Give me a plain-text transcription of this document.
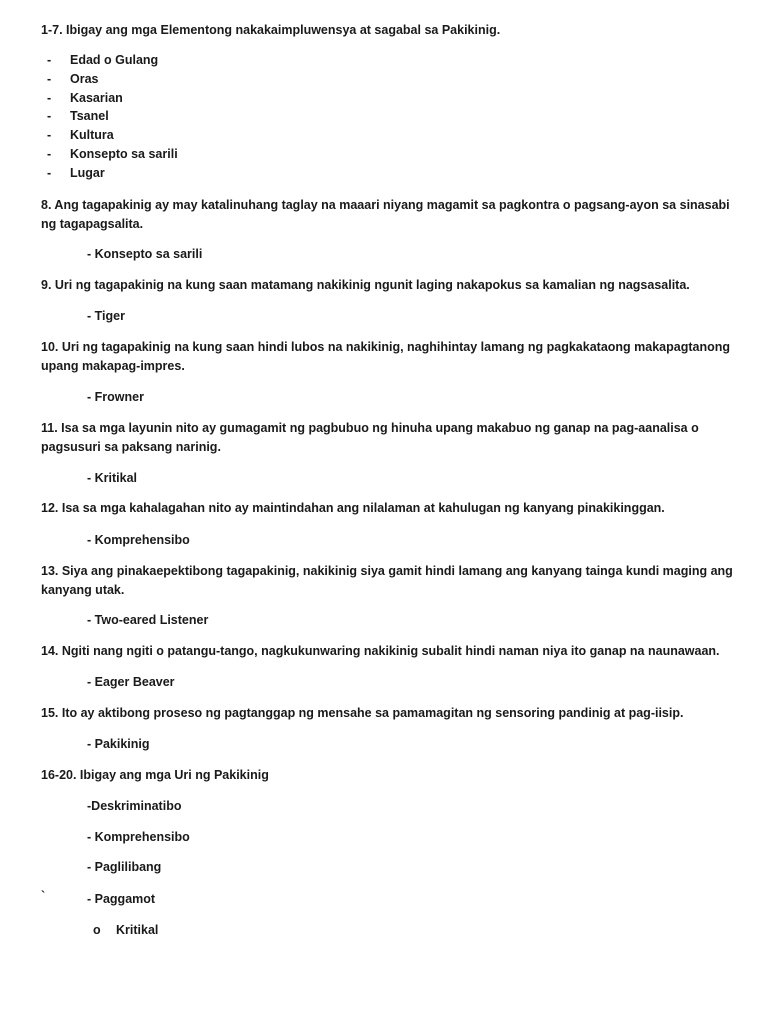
1-7. Ibigay ang mga Elementong nakakaimpluwensya at sagabal sa Pakikinig.
- Edad o Gulang
- Oras
- Kasarian
- Tsanel
- Kultura
- Konsepto sa sarili
- Lugar
8. Ang tagapakinig ay may katalinuhang taglay na maaari niyang magamit sa pagkontra o pagsang-ayon sa sinasabi ng tagapagsalita.
- Konsepto sa sarili
9. Uri ng tagapakinig na kung saan matamang nakikinig ngunit laging nakapokus sa kamalian ng nagsasalita.
- Tiger
10. Uri ng tagapakinig na kung saan hindi lubos na nakikinig, naghihintay lamang ng pagkakataong makapagtanong upang makapag-impres.
- Frowner
11. Isa sa mga layunin nito ay gumagamit ng pagbubuo ng hinuha upang makabuo ng ganap na pag-aanalisa o pagsusuri sa paksang narinig.
- Kritikal
12. Isa sa mga kahalagahan nito ay maintindahan ang nilalaman at kahulugan ng kanyang pinakikinggan.
- Komprehensibo
13. Siya ang pinakaepektibong tagapakinig, nakikinig siya gamit hindi lamang ang kanyang tainga kundi maging ang kanyang utak.
- Two-eared Listener
14. Ngiti nang ngiti o patangu-tango, nagkukunwaring nakikinig subalit hindi naman niya ito ganap na naunawaan.
- Eager Beaver
15. Ito ay aktibong proseso ng pagtanggap ng mensahe sa pamamagitan ng sensoring pandinig at pag-iisip.
- Pakikinig
16-20. Ibigay ang mga Uri ng Pakikinig
-Deskriminatibo
- Komprehensibo
- Paglilibang
`	- Paggamot
o Kritikal
